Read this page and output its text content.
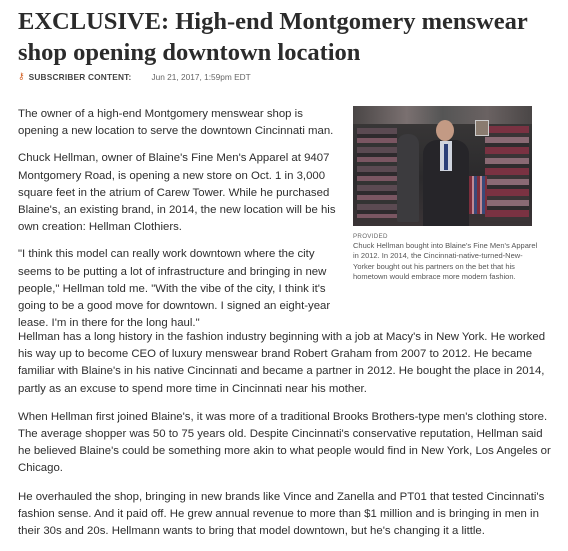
EXCLUSIVE: High-end Montgomery menswear shop opening downtown location
⚷ SUBSCRIBER CONTENT: Jun 21, 2017, 1:59pm EDT

The owner of a high-end Montgomery menswear shop is opening a new location to serve the downtown Cincinnati man.

Chuck Hellman, owner of Blaine's Fine Men's Apparel at 9407 Montgomery Road, is opening a new store on Oct. 1 in 3,000 square feet in the atrium of Carew Tower. While he purchased Blaine's, an existing brand, in 2014, the new location will be his own creation: Hellman Clothiers.

"I think this model can really work downtown where the city seems to be putting a lot of infrastructure and bringing in new people," Hellman told me. "With the vibe of the city, I think it's going to be a good move for downtown. I signed an eight-year lease. I'm in there for the long haul."

PROVIDED

Chuck Hellman bought into Blaine's Fine Men's Apparel in 2012. In 2014, the Cincinnati-native-turned-New-Yorker bought out his partners on the bet that his hometown would embrace more modern fashion.

Hellman has a long history in the fashion industry beginning with a job at Macy's in New York. He worked his way up to become CEO of luxury menswear brand Robert Graham from 2007 to 2012. He became familiar with Blaine's in his native Cincinnati and became a partner in 2012. He bought the place in 2014, partly as an excuse to spend more time in Cincinnati near his mother.

When Hellman first joined Blaine's, it was more of a traditional Brooks Brothers-type men's clothing store. The average shopper was 50 to 75 years old. Despite Cincinnati's conservative reputation, Hellman said he believed Blaine's could be something more akin to what people would find in New York, Los Angeles or Chicago.

He overhauled the shop, bringing in new brands like Vince and Zanella and PT01 that tested Cincinnati's fashion sense. And it paid off. He grew annual revenue to more than $1 million and is bringing in men in their 30s and 20s. Hellmann wants to bring that model downtown, but he's changing it a little.
